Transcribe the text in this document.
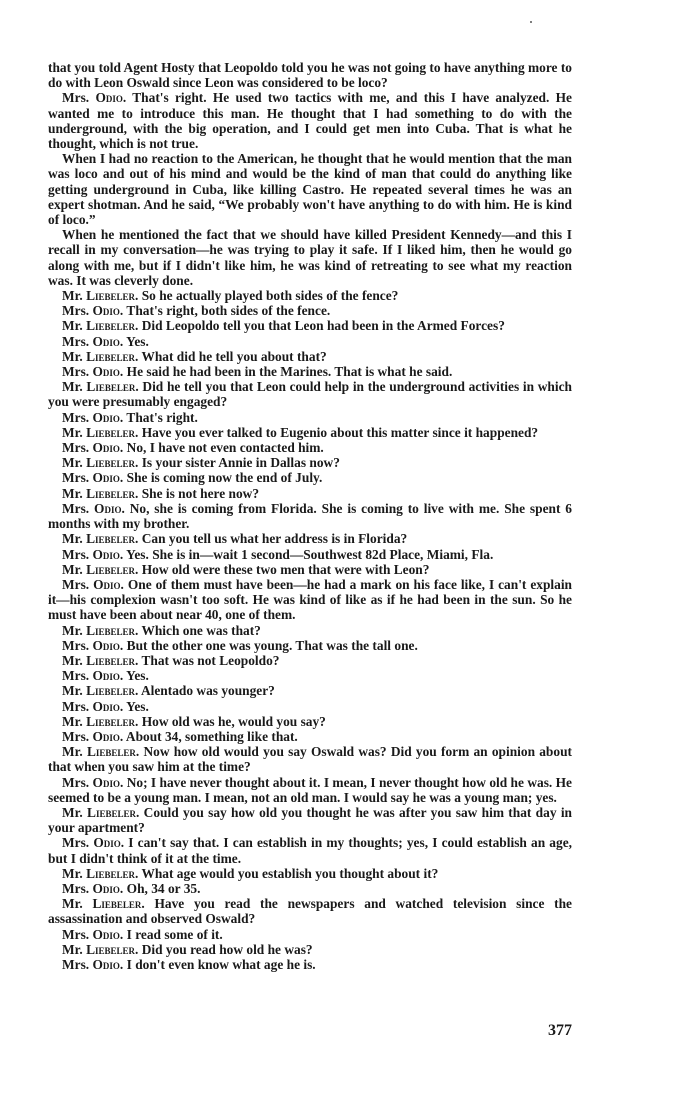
that you told Agent Hosty that Leopoldo told you he was not going to have anything more to do with Leon Oswald since Leon was considered to be loco?

Mrs. Odio. That's right. He used two tactics with me, and this I have analyzed. He wanted me to introduce this man. He thought that I had something to do with the underground, with the big operation, and I could get men into Cuba. That is what he thought, which is not true.

When I had no reaction to the American, he thought that he would mention that the man was loco and out of his mind and would be the kind of man that could do anything like getting underground in Cuba, like killing Castro. He repeated several times he was an expert shotman. And he said, “We probably won't have anything to do with him. He is kind of loco.”

When he mentioned the fact that we should have killed President Kennedy—and this I recall in my conversation—he was trying to play it safe. If I liked him, then he would go along with me, but if I didn't like him, he was kind of retreating to see what my reaction was. It was cleverly done.

Mr. Liebeler. So he actually played both sides of the fence?

Mrs. Odio. That's right, both sides of the fence.

Mr. Liebeler. Did Leopoldo tell you that Leon had been in the Armed Forces?

Mrs. Odio. Yes.

Mr. Liebeler. What did he tell you about that?

Mrs. Odio. He said he had been in the Marines. That is what he said.

Mr. Liebeler. Did he tell you that Leon could help in the underground activities in which you were presumably engaged?

Mrs. Odio. That's right.

Mr. Liebeler. Have you ever talked to Eugenio about this matter since it happened?

Mrs. Odio. No, I have not even contacted him.

Mr. Liebeler. Is your sister Annie in Dallas now?

Mrs. Odio. She is coming now the end of July.

Mr. Liebeler. She is not here now?

Mrs. Odio. No, she is coming from Florida. She is coming to live with me. She spent 6 months with my brother.

Mr. Liebeler. Can you tell us what her address is in Florida?

Mrs. Odio. Yes. She is in—wait 1 second—Southwest 82d Place, Miami, Fla.

Mr. Liebeler. How old were these two men that were with Leon?

Mrs. Odio. One of them must have been—he had a mark on his face like, I can't explain it—his complexion wasn't too soft. He was kind of like as if he had been in the sun. So he must have been about near 40, one of them.

Mr. Liebeler. Which one was that?

Mrs. Odio. But the other one was young. That was the tall one.

Mr. Liebeler. That was not Leopoldo?

Mrs. Odio. Yes.

Mr. Liebeler. Alentado was younger?

Mrs. Odio. Yes.

Mr. Liebeler. How old was he, would you say?

Mrs. Odio. About 34, something like that.

Mr. Liebeler. Now how old would you say Oswald was? Did you form an opinion about that when you saw him at the time?

Mrs. Odio. No; I have never thought about it. I mean, I never thought how old he was. He seemed to be a young man. I mean, not an old man. I would say he was a young man; yes.

Mr. Liebeler. Could you say how old you thought he was after you saw him that day in your apartment?

Mrs. Odio. I can't say that. I can establish in my thoughts; yes, I could establish an age, but I didn't think of it at the time.

Mr. Liebeler. What age would you establish you thought about it?

Mrs. Odio. Oh, 34 or 35.

Mr. Liebeler. Have you read the newspapers and watched television since the assassination and observed Oswald?

Mrs. Odio. I read some of it.

Mr. Liebeler. Did you read how old he was?

Mrs. Odio. I don't even know what age he is.

377
